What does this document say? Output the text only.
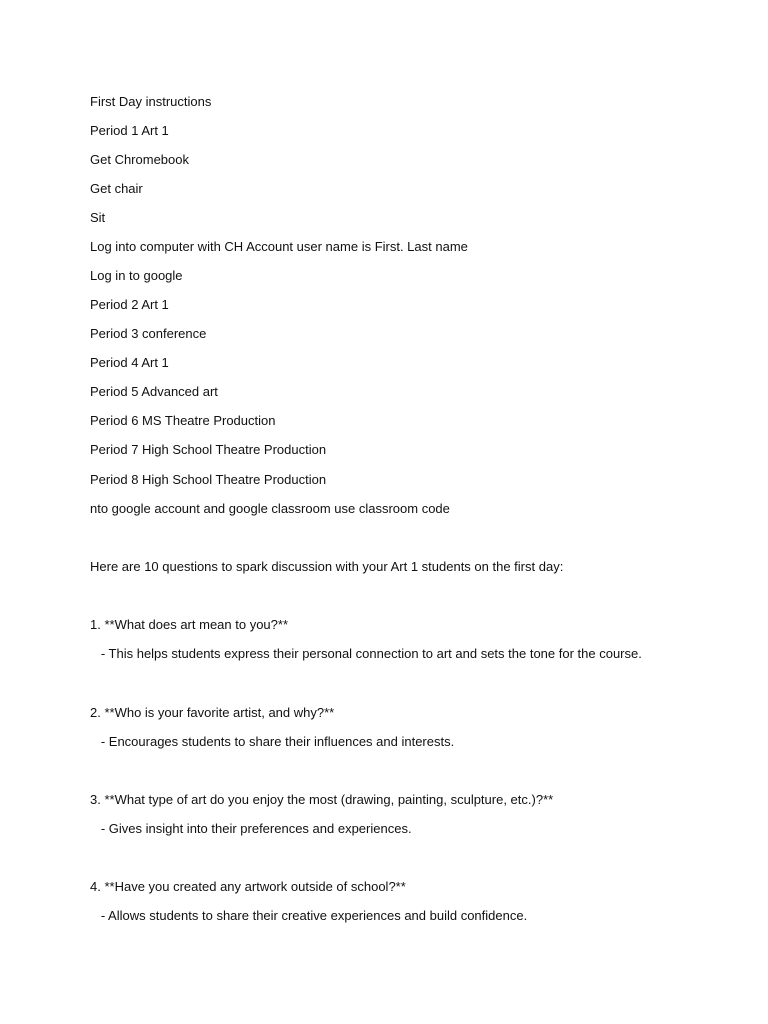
First Day instructions
Period 1 Art 1
Get Chromebook
Get chair
Sit
Log into computer with CH Account user name is First. Last name
Log in to google
Period 2 Art 1
Period 3 conference
Period 4 Art 1
Period 5 Advanced art
Period 6 MS Theatre Production
Period 7 High School Theatre Production
Period 8 High School Theatre Production
nto google account and google classroom use classroom code
Here are 10 questions to spark discussion with your Art 1 students on the first day:
1. **What does art mean to you?**
- This helps students express their personal connection to art and sets the tone for the course.
2. **Who is your favorite artist, and why?**
- Encourages students to share their influences and interests.
3. **What type of art do you enjoy the most (drawing, painting, sculpture, etc.)?**
- Gives insight into their preferences and experiences.
4. **Have you created any artwork outside of school?**
- Allows students to share their creative experiences and build confidence.
